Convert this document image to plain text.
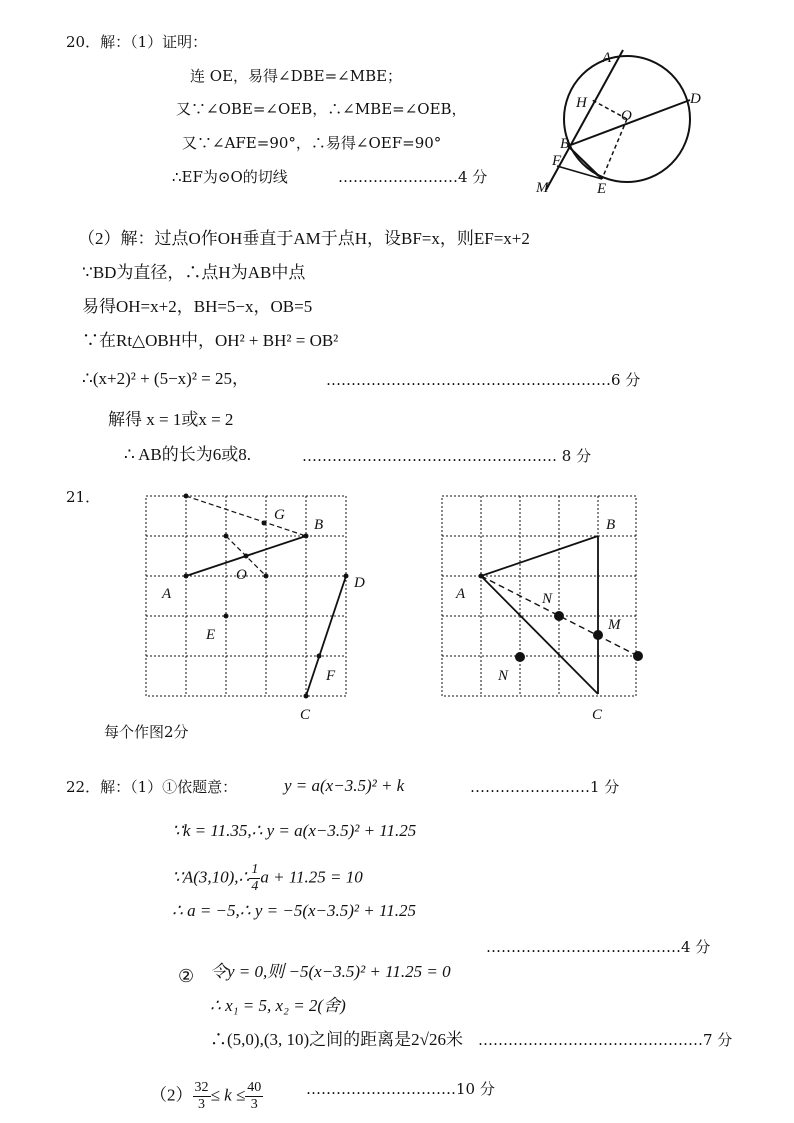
20．解：（1）证明：
连 OE，易得∠DBE=∠MBE；
又∵∠OBE=∠OEB，∴∠MBE=∠OEB，
又∵∠AFE=90°，∴易得∠OEF=90°
∴EF为⊙O的切线	……………………4 分
A
D
H
O
B
F
M	E
（2）解：过点O作OH垂直于AM于点H，设BF=x，则EF=x+2
∵BD为直径，∴点H为AB中点
易得OH=x+2，BH=5−x，OB=5
∵在Rt△OBH中，OH² + BH² = OB²
∴(x+2)² + (5−x)² = 25，	…………………………………………………6 分
解得 x = 1或x = 2
∴ AB的长为6或8.	…………………………………………… 8 分
21．
G
B
O
A
D
E
F
C
B
A	N
M
N
C
每个作图2分
22．解：（1）①依题意：	y = a(x−3.5)² + k	……………………1 分
∵k = 11.35,∴ y = a(x−3.5)² + 11.25
∵A(3,10),∴ $\frac{1}{4}$ a + 11.25 = 10
∴ a = −5,∴ y = −5(x−3.5)² + 11.25
…………………………………4 分
② 令y = 0,则 −5(x−3.5)² + 11.25 = 0
∴ x₁ = 5, x₂ = 2(舍)
∴(5,0),(3, 10)之间的距离是2√26米 ………………………………………7 分
$(2) \frac{32}{3} \le k \le \frac{40}{3}$	…………………………10 分
